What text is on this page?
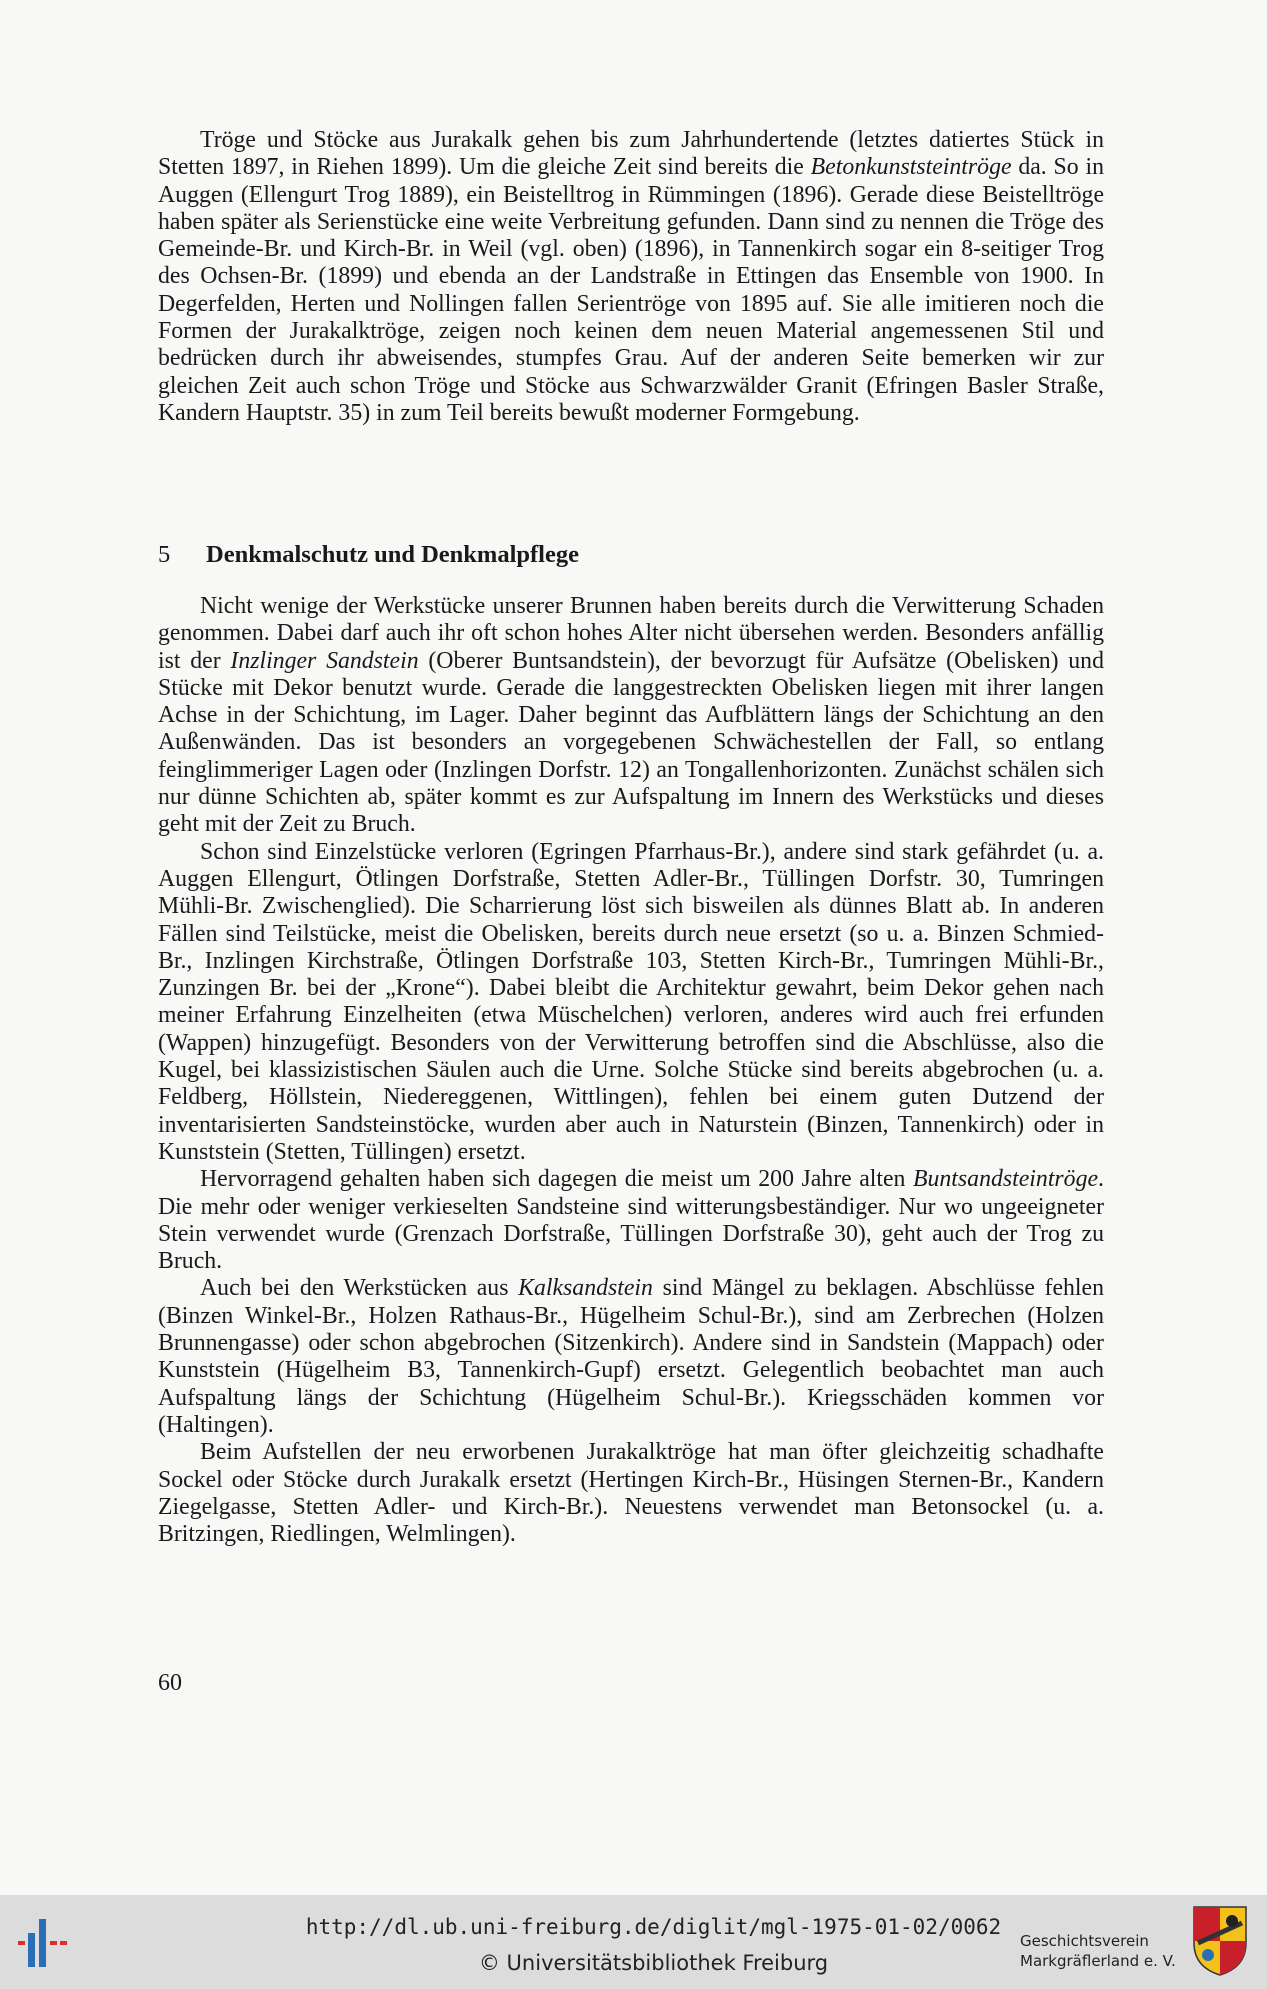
Tröge und Stöcke aus Jurakalk gehen bis zum Jahrhundertende (letztes datiertes Stück in Stetten 1897, in Riehen 1899). Um die gleiche Zeit sind bereits die Betonkunststeintröge da. So in Auggen (Ellengurt Trog 1889), ein Beistelltrog in Rümmingen (1896). Gerade diese Beistelltröge haben später als Serienstücke eine weite Verbreitung gefunden. Dann sind zu nennen die Tröge des Gemeinde-Br. und Kirch-Br. in Weil (vgl. oben) (1896), in Tannenkirch sogar ein 8-seitiger Trog des Ochsen-Br. (1899) und ebenda an der Landstraße in Ettingen das Ensemble von 1900. In Degerfelden, Herten und Nollingen fallen Serientröge von 1895 auf. Sie alle imitieren noch die Formen der Jurakalktröge, zeigen noch keinen dem neuen Material angemessenen Stil und bedrücken durch ihr abweisendes, stumpfes Grau. Auf der anderen Seite bemerken wir zur gleichen Zeit auch schon Tröge und Stöcke aus Schwarzwälder Granit (Efringen Basler Straße, Kandern Hauptstr. 35) in zum Teil bereits bewußt moderner Formgebung.

5 Denkmalschutz und Denkmalpflege

Nicht wenige der Werkstücke unserer Brunnen haben bereits durch die Verwitterung Schaden genommen. Dabei darf auch ihr oft schon hohes Alter nicht übersehen werden. Besonders anfällig ist der Inzlinger Sandstein (Oberer Buntsandstein), der bevorzugt für Aufsätze (Obelisken) und Stücke mit Dekor benutzt wurde. Gerade die langgestreckten Obelisken liegen mit ihrer langen Achse in der Schichtung, im Lager. Daher beginnt das Aufblättern längs der Schichtung an den Außenwänden. Das ist besonders an vorgegebenen Schwächestellen der Fall, so entlang feinglimmeriger Lagen oder (Inzlingen Dorfstr. 12) an Tongallenhorizonten. Zunächst schälen sich nur dünne Schichten ab, später kommt es zur Aufspaltung im Innern des Werkstücks und dieses geht mit der Zeit zu Bruch.

Schon sind Einzelstücke verloren (Egringen Pfarrhaus-Br.), andere sind stark gefährdet (u. a. Auggen Ellengurt, Ötlingen Dorfstraße, Stetten Adler-Br., Tüllingen Dorfstr. 30, Tumringen Mühli-Br. Zwischenglied). Die Scharrierung löst sich bisweilen als dünnes Blatt ab. In anderen Fällen sind Teilstücke, meist die Obelisken, bereits durch neue ersetzt (so u. a. Binzen Schmied-Br., Inzlingen Kirchstraße, Ötlingen Dorfstraße 103, Stetten Kirch-Br., Tumringen Mühli-Br., Zunzingen Br. bei der „Krone“). Dabei bleibt die Architektur gewahrt, beim Dekor gehen nach meiner Erfahrung Einzelheiten (etwa Müschelchen) verloren, anderes wird auch frei erfunden (Wappen) hinzugefügt. Besonders von der Verwitterung betroffen sind die Abschlüsse, also die Kugel, bei klassizistischen Säulen auch die Urne. Solche Stücke sind bereits abgebrochen (u. a. Feldberg, Höllstein, Niedereggenen, Wittlingen), fehlen bei einem guten Dutzend der inventarisierten Sandsteinstöcke, wurden aber auch in Naturstein (Binzen, Tannenkirch) oder in Kunststein (Stetten, Tüllingen) ersetzt.

Hervorragend gehalten haben sich dagegen die meist um 200 Jahre alten Buntsandsteintröge. Die mehr oder weniger verkieselten Sandsteine sind witterungsbeständiger. Nur wo ungeeigneter Stein verwendet wurde (Grenzach Dorfstraße, Tüllingen Dorfstraße 30), geht auch der Trog zu Bruch.

Auch bei den Werkstücken aus Kalksandstein sind Mängel zu beklagen. Abschlüsse fehlen (Binzen Winkel-Br., Holzen Rathaus-Br., Hügelheim Schul-Br.), sind am Zerbrechen (Holzen Brunnengasse) oder schon abgebrochen (Sitzenkirch). Andere sind in Sandstein (Mappach) oder Kunststein (Hügelheim B3, Tannenkirch-Gupf) ersetzt. Gelegentlich beobachtet man auch Aufspaltung längs der Schichtung (Hügelheim Schul-Br.). Kriegsschäden kommen vor (Haltingen).

Beim Aufstellen der neu erworbenen Jurakalktröge hat man öfter gleichzeitig schadhafte Sockel oder Stöcke durch Jurakalk ersetzt (Hertingen Kirch-Br., Hüsingen Sternen-Br., Kandern Ziegelgasse, Stetten Adler- und Kirch-Br.). Neuestens verwendet man Betonsockel (u. a. Britzingen, Riedlingen, Welmlingen).

60
http://dl.ub.uni-freiburg.de/diglit/mgl-1975-01-02/0062
© Universitätsbibliothek Freiburg
Geschichtsverein
Markgräflerland e. V.
